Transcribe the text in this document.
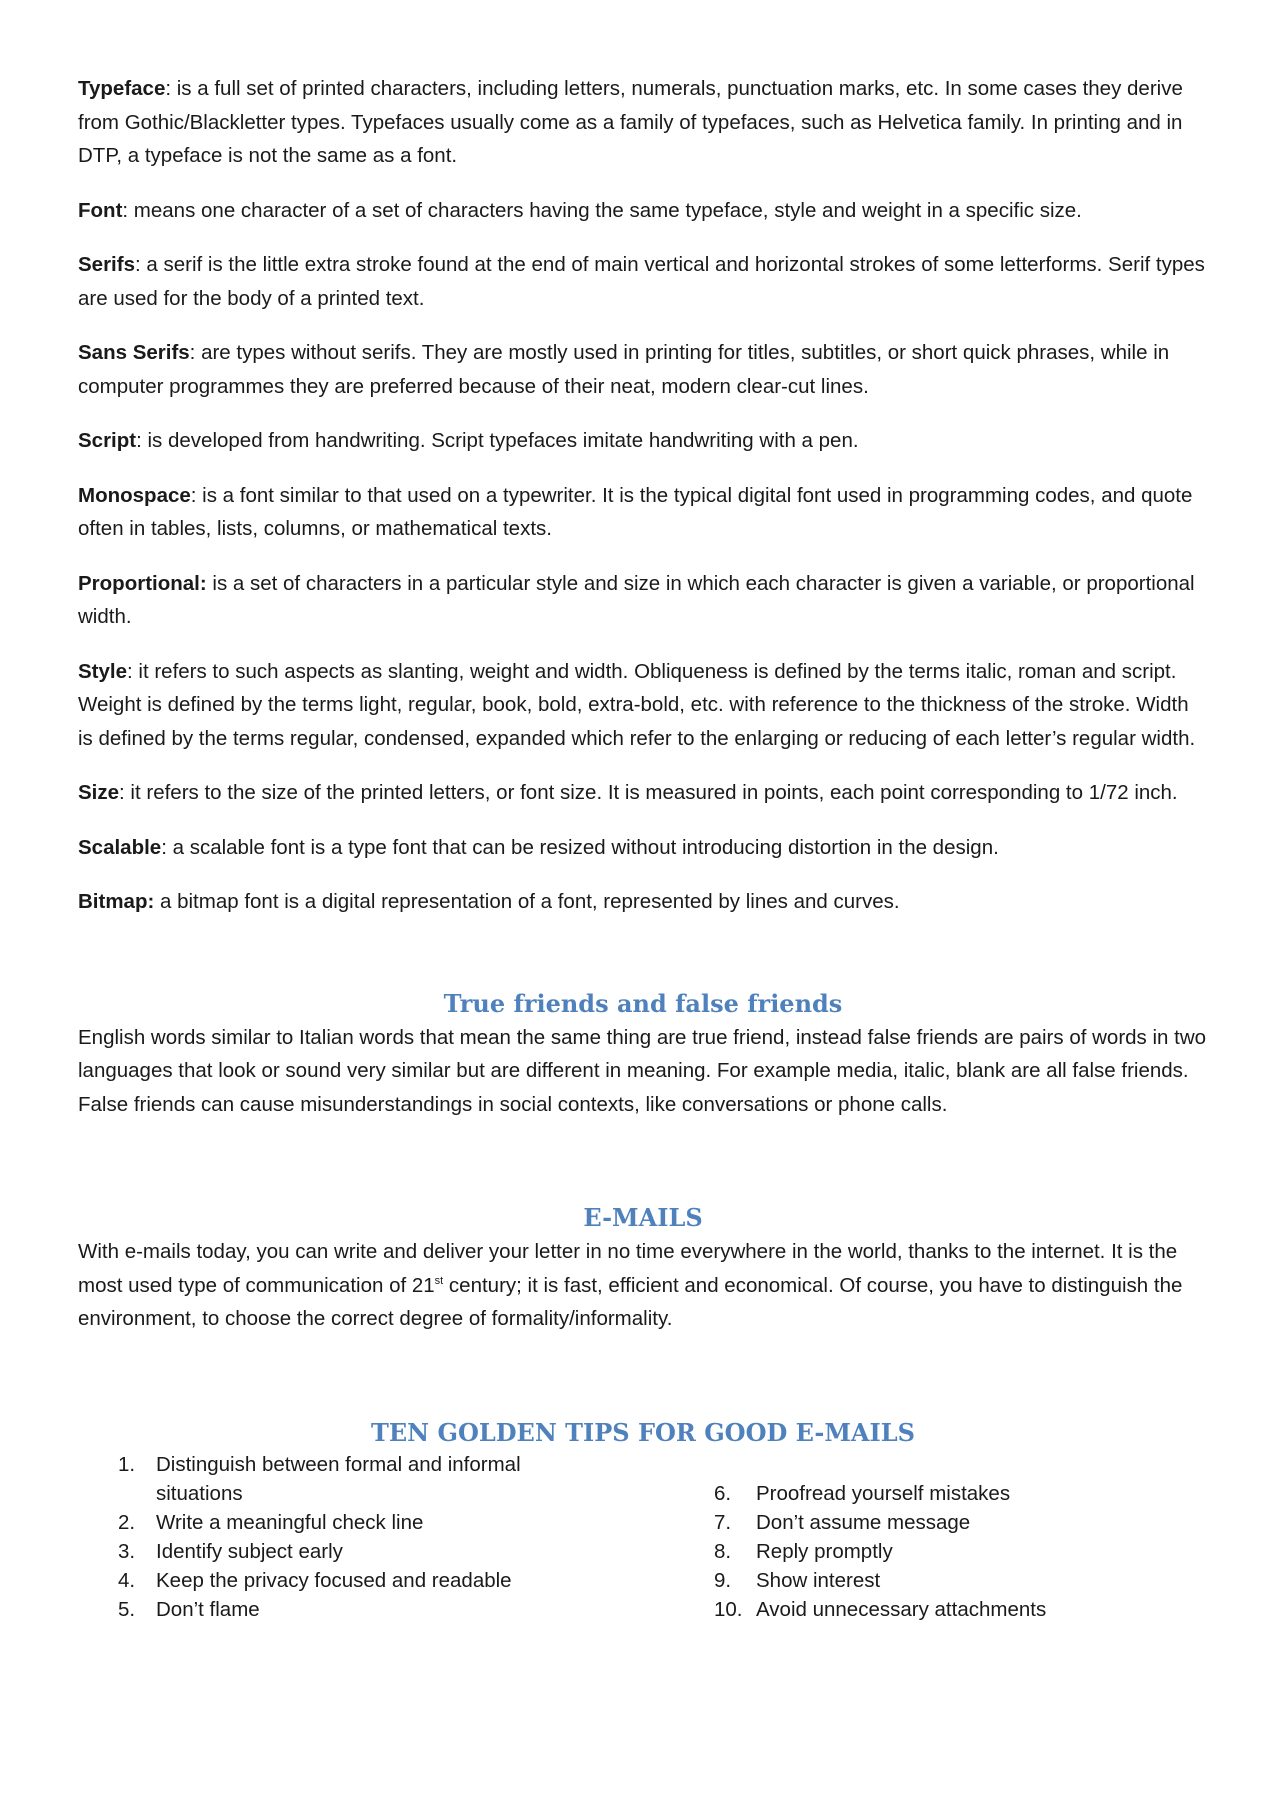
Typeface: is a full set of printed characters, including letters, numerals, punctuation marks, etc. In some cases they derive from Gothic/Blackletter types. Typefaces usually come as a family of typefaces, such as Helvetica family. In printing and in DTP, a typeface is not the same as a font.

Font: means one character of a set of characters having the same typeface, style and weight in a specific size.

Serifs: a serif is the little extra stroke found at the end of main vertical and horizontal strokes of some letterforms. Serif types are used for the body of a printed text.

Sans Serifs: are types without serifs. They are mostly used in printing for titles, subtitles, or short quick phrases, while in computer programmes they are preferred because of their neat, modern clear-cut lines.

Script: is developed from handwriting. Script typefaces imitate handwriting with a pen.

Monospace: is a font similar to that used on a typewriter. It is the typical digital font used in programming codes, and quote often in tables, lists, columns, or mathematical texts.

Proportional: is a set of characters in a particular style and size in which each character is given a variable, or proportional width.

Style: it refers to such aspects as slanting, weight and width. Obliqueness is defined by the terms italic, roman and script. Weight is defined by the terms light, regular, book, bold, extra-bold, etc. with reference to the thickness of the stroke. Width is defined by the terms regular, condensed, expanded which refer to the enlarging or reducing of each letter’s regular width.

Size: it refers to the size of the printed letters, or font size. It is measured in points, each point corresponding to 1/72 inch.

Scalable: a scalable font is a type font that can be resized without introducing distortion in the design.

Bitmap: a bitmap font is a digital representation of a font, represented by lines and curves.

True friends and false friends

English words similar to Italian words that mean the same thing are true friend, instead false friends are pairs of words in two languages that look or sound very similar but are different in meaning. For example media, italic, blank are all false friends. False friends can cause misunderstandings in social contexts, like conversations or phone calls.

E-MAILS

With e-mails today, you can write and deliver your letter in no time everywhere in the world, thanks to the internet. It is the most used type of communication of 21st century; it is fast, efficient and economical. Of course, you have to distinguish the environment, to choose the correct degree of formality/informality.

TEN GOLDEN TIPS FOR GOOD E-MAILS
1.	Distinguish between formal and informal situations
2.	Write a meaningful check line
3.	Identify subject early
4.	Keep the privacy focused and readable
5.	Don’t flame
6.	Proofread yourself mistakes
7.	Don’t assume message
8.	Reply promptly
9.	Show interest
10. Avoid unnecessary attachments
